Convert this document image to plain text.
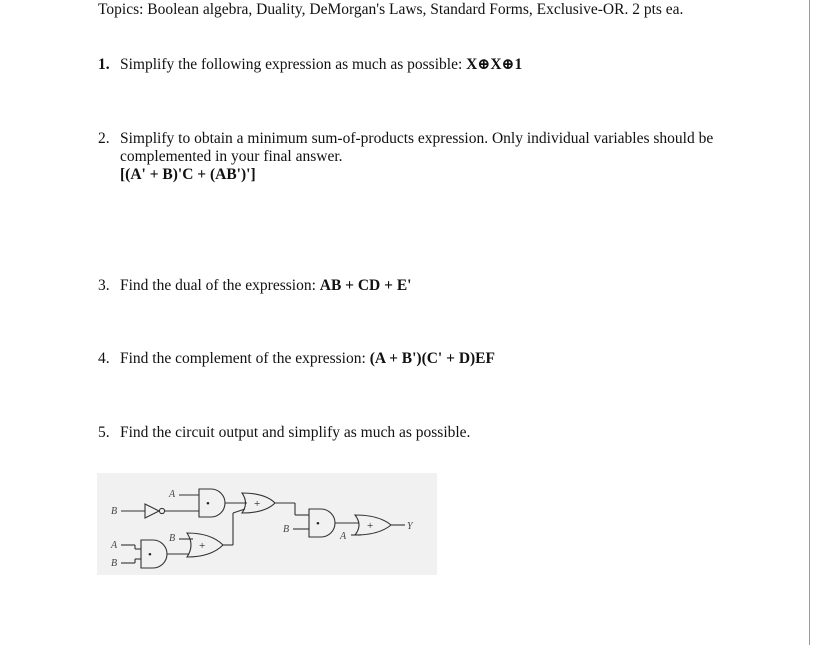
Topics: Boolean algebra, Duality, DeMorgan's Laws, Standard Forms, Exclusive-OR. 2 pts ea.
1. Simplify the following expression as much as possible: X⊕X⊕1
2. Simplify to obtain a minimum sum-of-products expression. Only individual variables should be complemented in your final answer.
[(A' + B)'C + (AB')']
3. Find the dual of the expression: AB + CD + E'
4. Find the complement of the expression: (A + B')(C' + D)EF
5. Find the circuit output and simplify as much as possible.
A
B
B
A
B
A
B
Y
•	+
•	+
•
+
